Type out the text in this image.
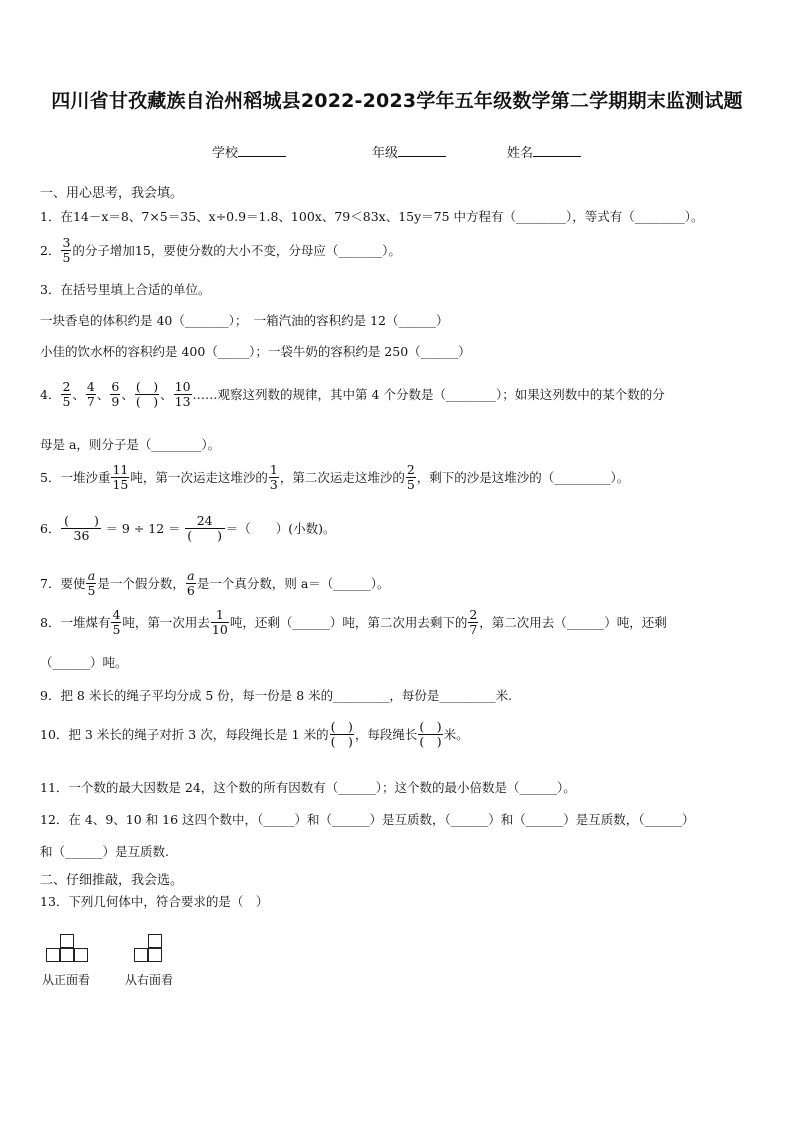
四川省甘孜藏族自治州稻城县2022-2023学年五年级数学第二学期期末监测试题
学校	年级	姓名
一、用心思考，我会填。
1．在14－x＝8、7×5＝35、x÷0.9＝1.8、100x、79＜83x、15y＝75 中方程有（________），等式有（________）。
2． $\frac{3}{5}$ 的分子增加15，要使分数的大小不变，分母应（_______）。
3．在括号里填上合适的单位。
一块香皂的体积约是 40（_______）；　一箱汽油的容积约是 12（______）
小佳的饮水杯的容积约是 400（_____）；一袋牛奶的容积约是 250（______）
4． $\frac{2}{5}$ 、 $\frac{4}{7}$ 、 $\frac{6}{9}$ 、 $\frac{( )}{( )}$ 、 $\frac{10}{13}$ ……观察这列数的规律，其中第 4 个分数是（________）；如果这列数中的某个数的分
母是 a，则分子是（________）。
5．一堆沙重 $\frac{11}{15}$ 吨，第一次运走这堆沙的 $\frac{1}{3}$ ，第二次运走这堆沙的 $\frac{2}{5}$ ，剩下的沙是这堆沙的（_________）。
6． $\frac{( )}{36} = 9 \div 12 = \frac{24}{( )}$ ＝（　　）(小数)。
7．要使 $\frac{a}{5}$ 是一个假分数， $\frac{a}{6}$ 是一个真分数，则 a＝（______）。
8．一堆煤有 $\frac{4}{5}$ 吨，第一次用去 $\frac{1}{10}$ 吨，还剩（______）吨，第二次用去剩下的 $\frac{2}{7}$ ，第二次用去（______）吨，还剩
（______）吨。
9．把 8 米长的绳子平均分成 5 份，每一份是 8 米的_________，每份是_________米.
10．把 3 米长的绳子对折 3 次，每段绳长是 1 米的 $\frac{( )}{( )}$ ，每段绳长 $\frac{( )}{( )}$ 米。
11．一个数的最大因数是 24，这个数的所有因数有（______）；这个数的最小倍数是（______）。
12．在 4、9、10 和 16 这四个数中，（_____）和（______）是互质数，（______）和（______）是互质数，（______）
和（______）是互质数.
二、仔细推敲，我会选。
13．下列几何体中，符合要求的是（　）
从正面看	从右面看
